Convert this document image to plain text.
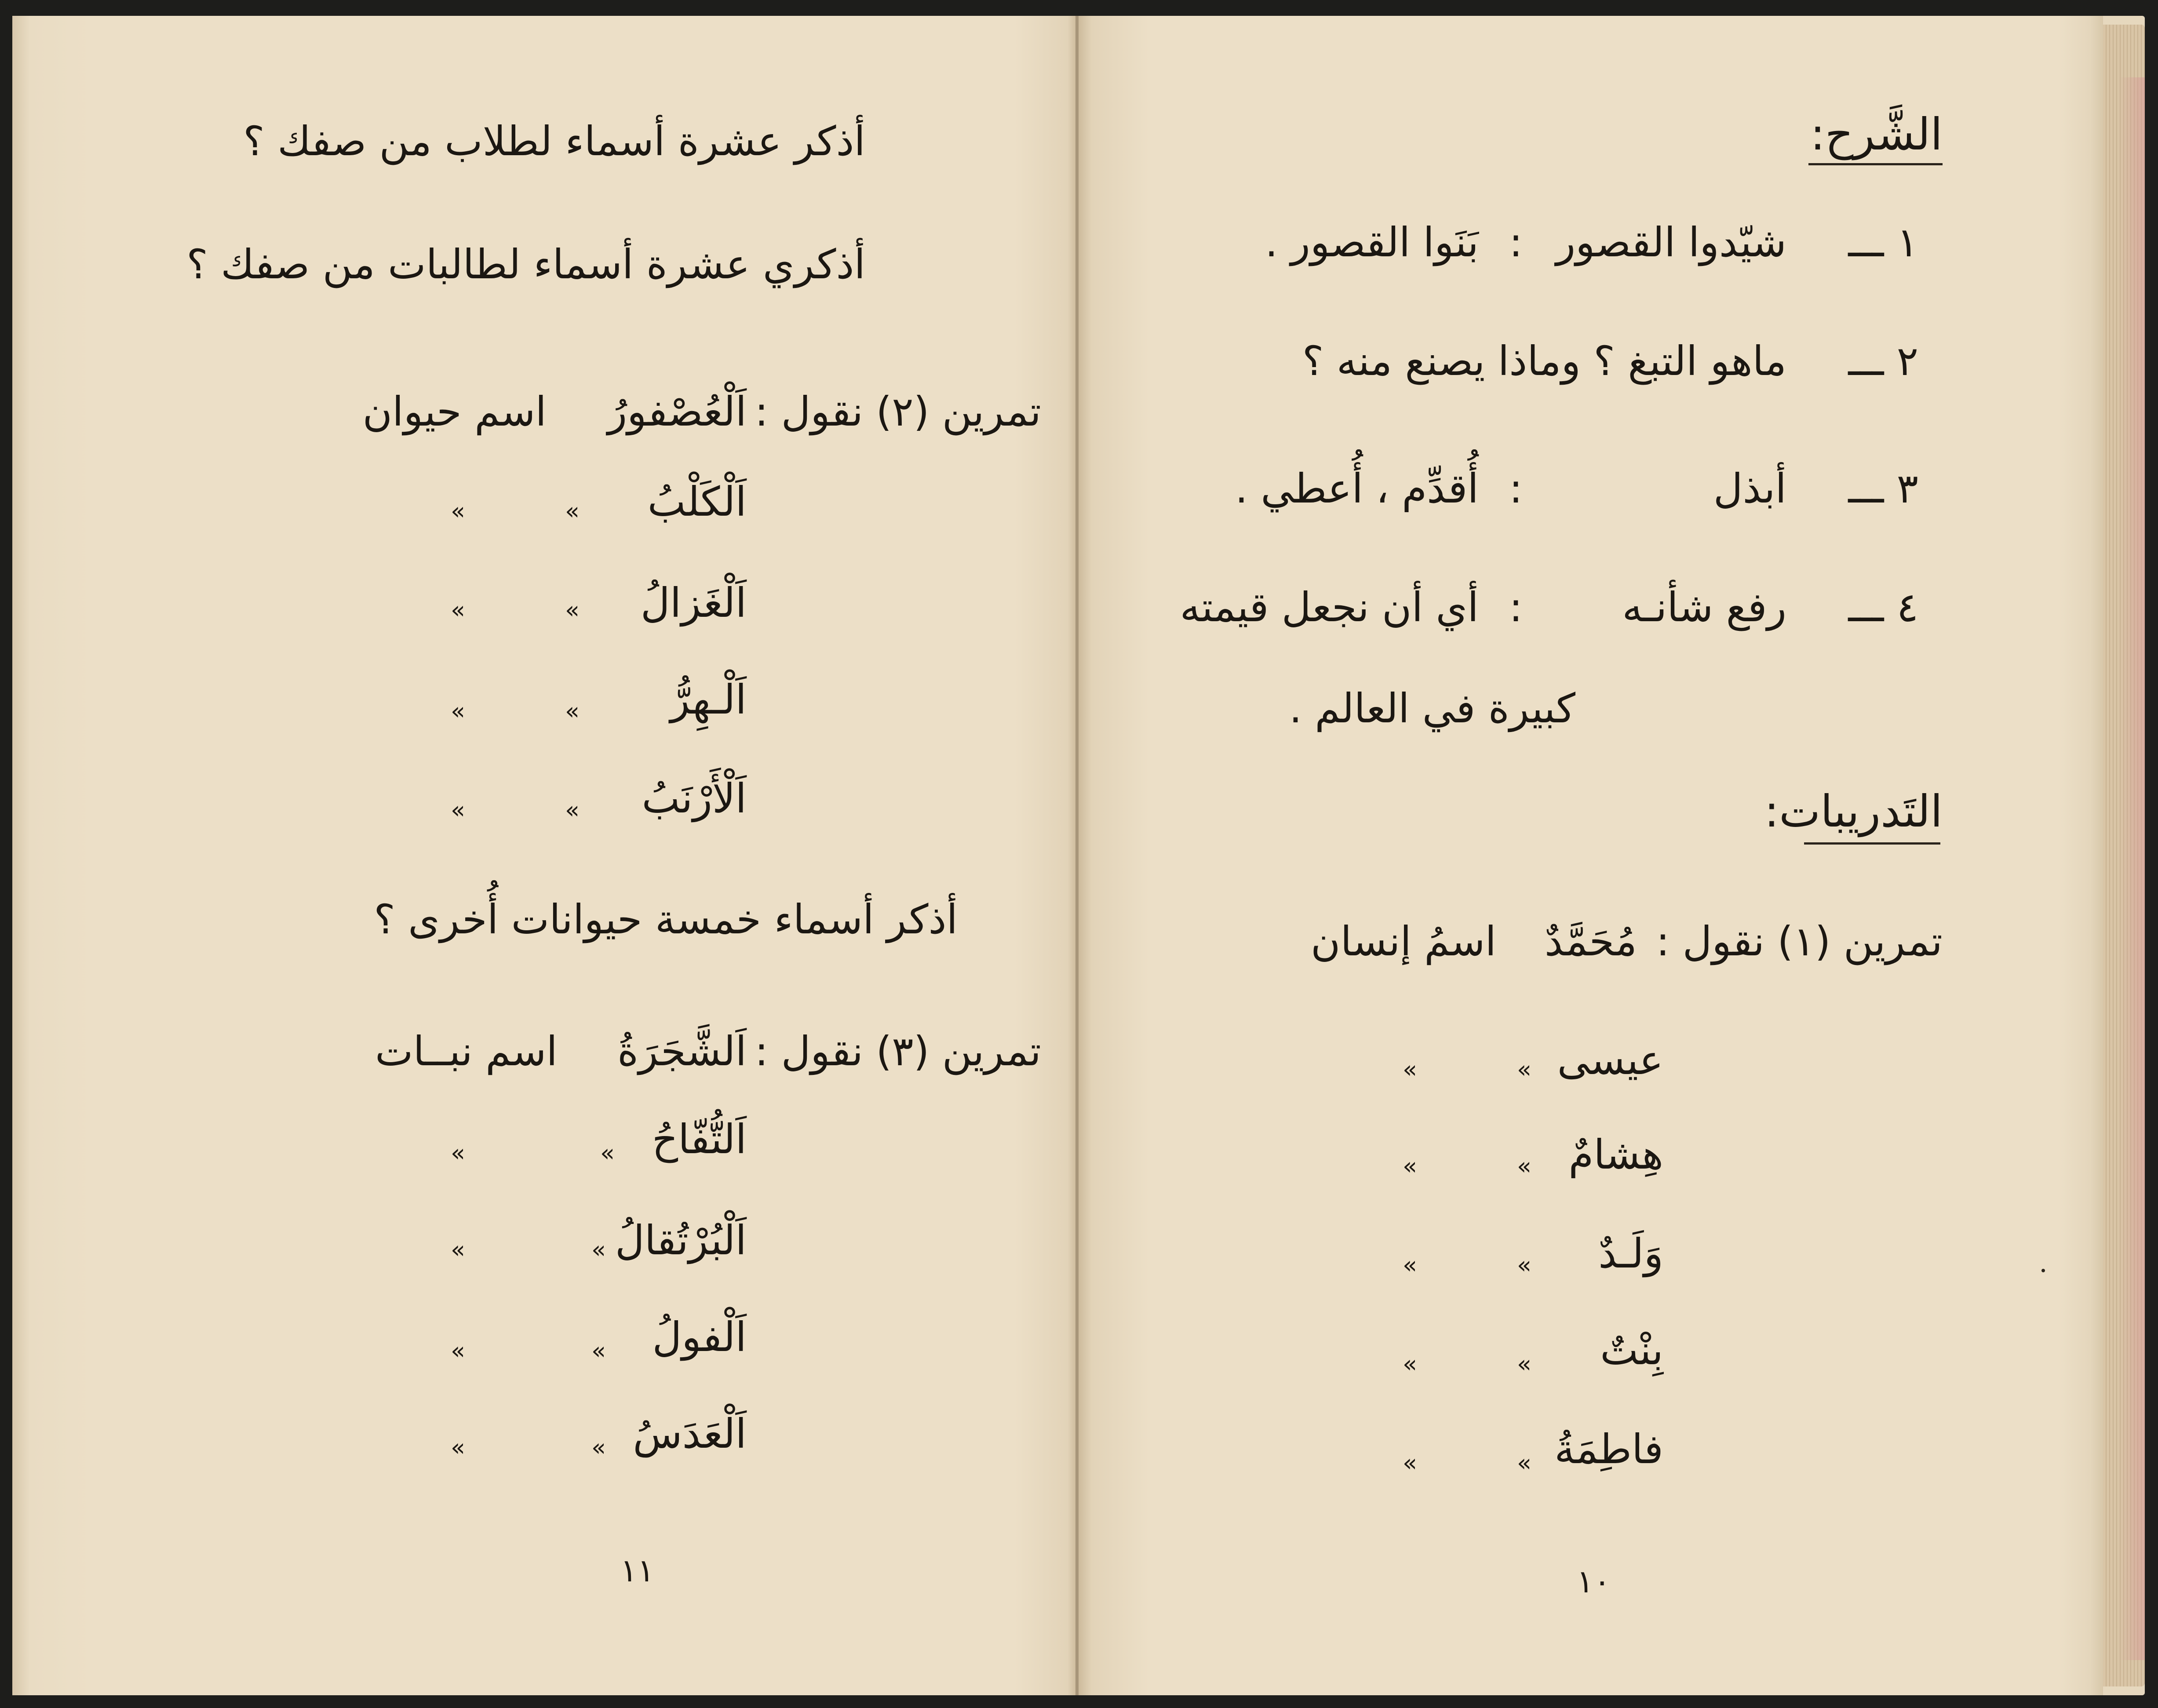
أذكر عشرة أسماء لطلاب من صفك ؟
أذكري عشرة أسماء لطالبات من صفك ؟
تمرين (٢) نقول :
اَلْعُصْفورُ
اسم حيوان
اَلْكَلْبُ
»
»
اَلْغَزالُ
»
»
اَلْـهِرُّ
»
»
اَلْأَرْنَبُ
»
»
أذكر أسماء خمسة حيوانات أُخرى ؟
تمرين (٣) نقول :
اَلشَّجَرَةُ
اسم نبــات
اَلتُّفّاحُ
»
»
اَلْبُرْتُقالُ
»
»
اَلْفولُ
»
»
اَلْعَدَسُ
»
»
١١
الشَّرح:
١ ـــ
شيّدوا القصور
:
بَنَوا القصور .
٢ ـــ
ماهو التبغ ؟ وماذا يصنع منه ؟
٣ ـــ
أبذل
:
أُقدِّم ، أُعطي .
٤ ـــ
رفع شأنـه
:
أي أن نجعل قيمته
كبيرة في العالم .
التَدريبات:
تمرين (١) نقول :
مُحَمَّدٌ
اسمُ إنسان
عيسى
»
»
هِشامٌ
»
»
وَلَـدٌ
»
»
بِنْتٌ
»
»
فاطِمَةُ
»
»
١٠
